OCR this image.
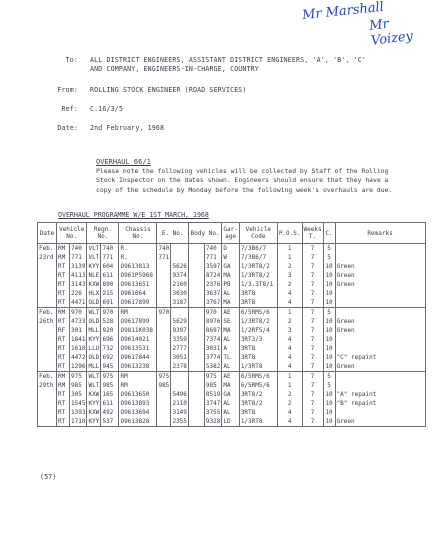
Mr Marshall
Mr Voizey
To: ALL DISTRICT ENGINEERS, ASSISTANT DISTRICT ENGINEERS, 'A', 'B', 'C'
AND COMPANY, ENGINEERS-IN-CHARGE, COUNTRY
From: ROLLING STOCK ENGINEER (ROAD SERVICES)
Ref: C.16/3/5
Date: 2nd February, 1968
OVERHAUL 66/1
Please note the following vehicles will be collected by Staff of the Rolling Stock Inspector on the dates shown. Engineers should ensure that they have a copy of the schedule by Monday before the following week's overhauls are due.
OVERHAUL PROGRAMME W/E 1ST MARCH, 1968
Date	Vehicle No.		Regn. No.		Chassis No.	E. No.		Body No.		Gar- age	Vehicle Code	P.O.S.	Weeks T.	C.	Remarks
Feb.	RM	740	VLT	740	R.	740			740	D	7/3B6/7	1	7	5	
23rd	RM	771	VLT	771	R.	771			771	W	7/3B6/7	1	7	5	
	RT	3139	KYY	604	O9613813		5626		3597	GA	1/3RT8/2	2	7	10	Green
	RT	4113	NLE	611	O961P5968		9374		8724	MA	1/3RT8/2	3	7	10	Green
	RT	3143	KXW	890	O9613651		2160		2376	PB	1/3.3T8/1	2	7	10	Green
	RT	226	HLX	215	O961064		3030		3637	AL	3RT8	4	7	10	
	RT	4471	OLD	691	O9617899		3187		3767	MA	3RT8	4	7	10	
Feb.	RM	970	WLT	970	RM	970			970	AE	6/5RM5/6	1	7	5	
26th	RT	4733	OLD	528	O9617899		5629		8976	SE	1/3RT8/2	2	7	10	Green
	RF	301	MLL	920	O9811K038		9397		8697	MA	1/2RF5/4	3	7	10	Green
	RT	1841	KYY	696	O9614021		3359		7374	AL	3RT3/3	4	7	10	
	RT	1610	LLU	732	O9613531		2777		3031	A	3RT8	4	7	10	
	RT	4472	OLD	692	O9617844		3051		3774	TL	3RT8	4	7	10	"C" repaint
	RT	1296	MLL	945	O9613238		2378		5382	AL	1/3RT8	4	7	10	Green
Feb.	RM	975	WLT	975	RM	975			975	AE	6/5RM5/6	1	7	5	
29th	RM	985	WLT	985	RM	985			985	MA	6/5RM5/6	1	7	5	
	RT	305	KXW	165	O9613650		5496		8519	GA	3RT8/2	2	7	10	"A" repaint
	RT	1545	KYY	611	O9613893		2110		3747	AL	3RT8/2	2	7	10	"B" repaint
	RT	1393	KXW	492	O9613694		3149		3755	AL	3RT8	4	7	10	
	RT	1710	KYY	537	O9613828		2355		9328	LD	1/3RT8	4	7	10	Green
(57)
